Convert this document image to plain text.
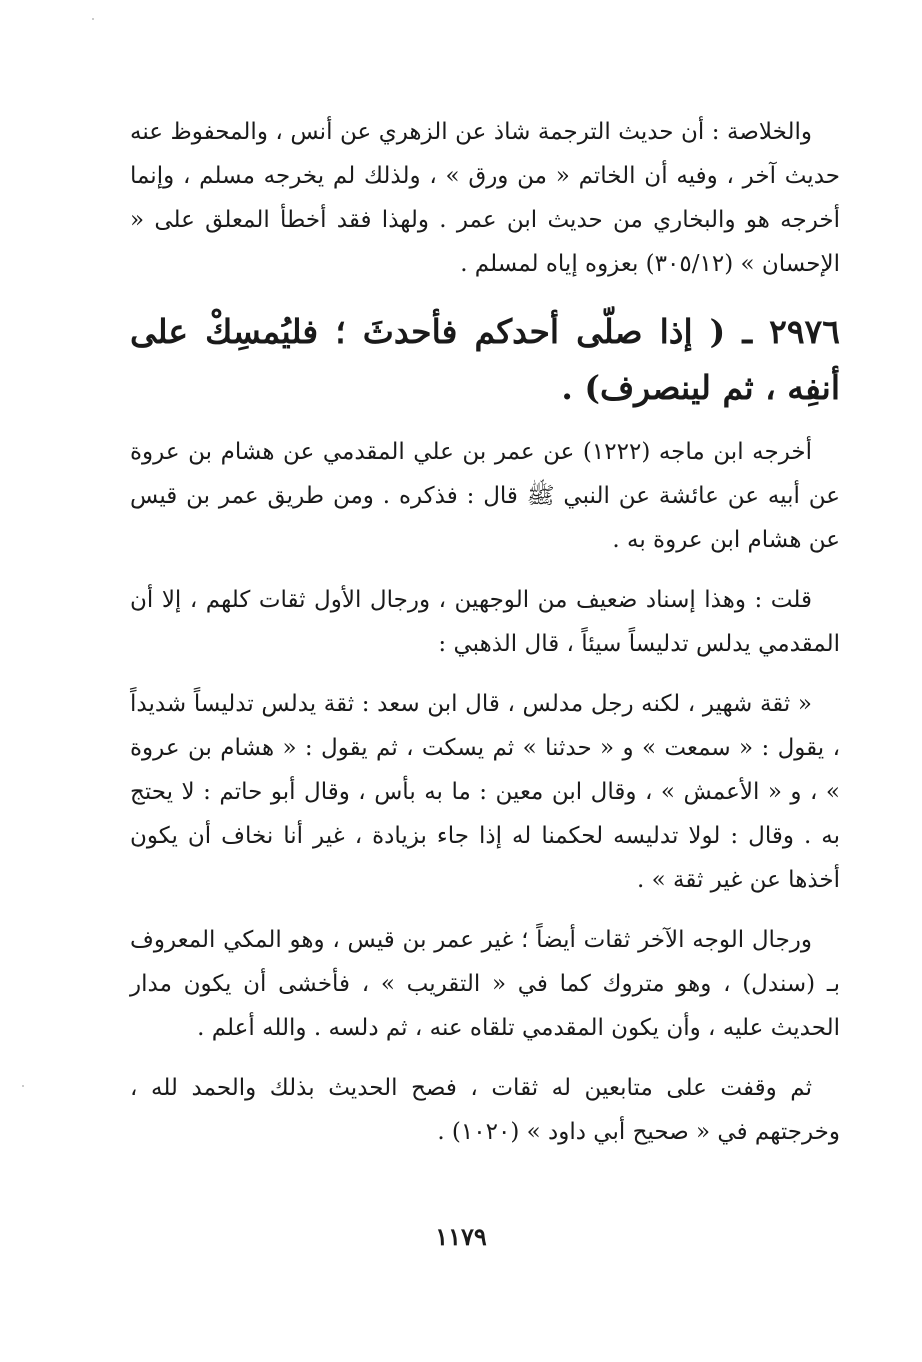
والخلاصة : أن حديث الترجمة شاذ عن الزهري عن أنس ، والمحفوظ عنه حديث آخر ، وفيه أن الخاتم « من ورق » ، ولذلك لم يخرجه مسلم ، وإنما أخرجه هو والبخاري من حديث ابن عمر . ولهذا فقد أخطأ المعلق على « الإحسان » (٣٠٥/١٢) بعزوه إياه لمسلم .

٢٩٧٦ ـ ( إذا صلّى أحدكم فأحدثَ ؛ فليُمسِكْ على أنفِه ، ثم لينصرف) .

أخرجه ابن ماجه (١٢٢٢) عن عمر بن علي المقدمي عن هشام بن عروة عن أبيه عن عائشة عن النبي ﷺ قال : فذكره . ومن طريق عمر بن قيس عن هشام ابن عروة به .

قلت : وهذا إسناد ضعيف من الوجهين ، ورجال الأول ثقات كلهم ، إلا أن المقدمي يدلس تدليساً سيئاً ، قال الذهبي :

« ثقة شهير ، لكنه رجل مدلس ، قال ابن سعد : ثقة يدلس تدليساً شديداً ، يقول : « سمعت » و « حدثنا » ثم يسكت ، ثم يقول : « هشام بن عروة » ، و « الأعمش » ، وقال ابن معين : ما به بأس ، وقال أبو حاتم : لا يحتج به . وقال : لولا تدليسه لحكمنا له إذا جاء بزيادة ، غير أنا نخاف أن يكون أخذها عن غير ثقة » .

ورجال الوجه الآخر ثقات أيضاً ؛ غير عمر بن قيس ، وهو المكي المعروف بـ (سندل) ، وهو متروك كما في « التقريب » ، فأخشى أن يكون مدار الحديث عليه ، وأن يكون المقدمي تلقاه عنه ، ثم دلسه . والله أعلم .

ثم وقفت على متابعين له ثقات ، فصح الحديث بذلك والحمد لله ، وخرجتهم في « صحيح أبي داود » (١٠٢٠) .

١١٧٩
